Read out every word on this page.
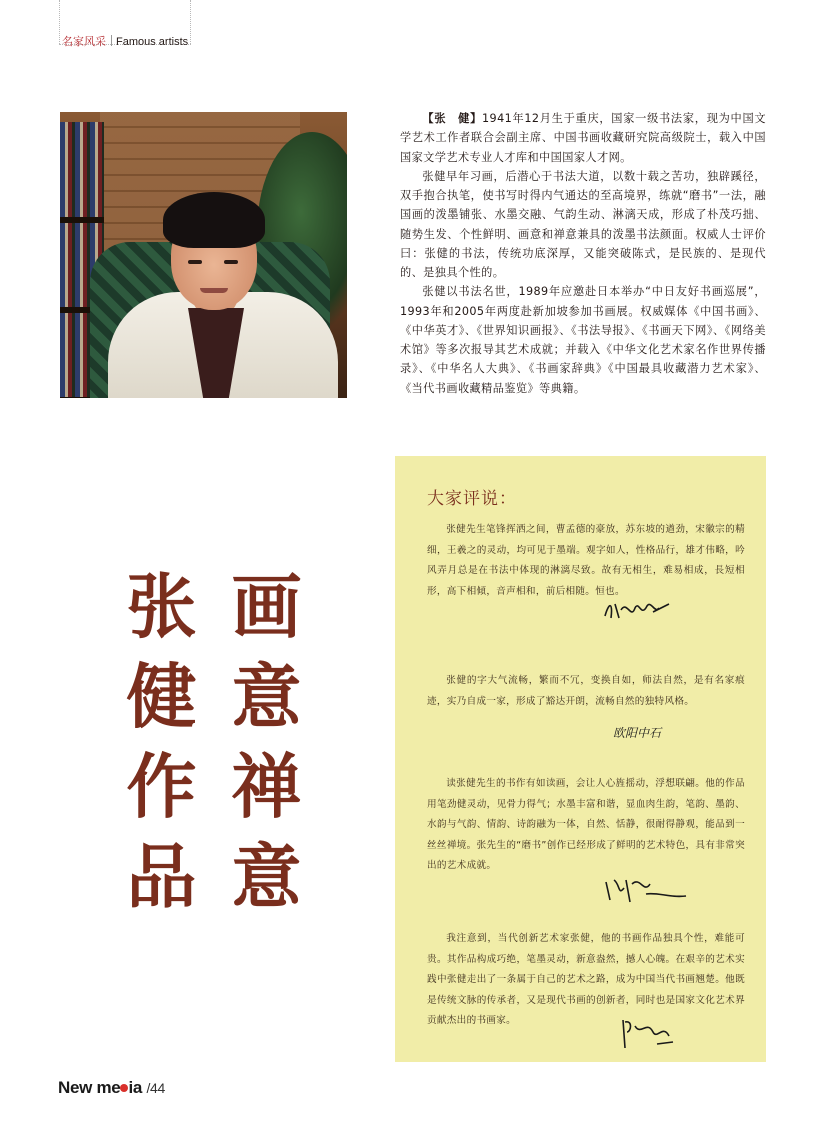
名家风采 Famous artists

【张　健】1941年12月生于重庆，国家一级书法家，现为中国文学艺术工作者联合会副主席、中国书画收藏研究院高级院士，载入中国国家文学艺术专业人才库和中国国家人才网。

张健早年习画，后潜心于书法大道，以数十载之苦功，独辟蹊径，双手抱合执笔，使书写时得内气通达的至高境界，练就“磨书”一法，融国画的泼墨铺张、水墨交融、气韵生动、淋漓天成，形成了朴茂巧拙、随势生发、个性鲜明、画意和禅意兼具的泼墨书法颜面。权威人士评价曰：张健的书法，传统功底深厚，又能突破陈式，是民族的、是现代的、是独具个性的。

张健以书法名世，1989年应邀赴日本举办“中日友好书画巡展”，1993年和2005年两度赴新加坡参加书画展。权威媒体《中国书画》、《中华英才》、《世界知识画报》、《书法导报》、《书画天下网》、《网络美术馆》等多次报导其艺术成就；并载入《中华文化艺术家名作世界传播录》、《中华名人大典》、《书画家辞典》《中国最具收藏潜力艺术家》、《当代书画收藏精品鉴览》等典籍。

张
健
作
品
画
意
禅
意
大家评说：

张健先生笔锋挥洒之间，曹孟德的豪放，苏东坡的遒劲，宋徽宗的精细，王羲之的灵动，均可见于墨端。观字如人，性格品行，雄才伟略，吟风弄月总是在书法中体现的淋漓尽致。故有无相生，难易相成，長短相形，高下相傾，音声相和，前后相随。恒也。

张健的字大气流畅，繁而不冗，变换自如，师法自然，是有名家痕迹，实乃自成一家，形成了豁达开朗，流畅自然的独特风格。

欧阳中石

读张健先生的书作有如读画，会让人心旌摇动，浮想联翩。他的作品用笔劲健灵动，见骨力得气；水墨丰富和谐，显血肉生韵，笔韵、墨韵、水韵与气韵、情韵、诗韵融为一体，自然、恬静，很耐得静观，能品到一丝丝禅境。张先生的“磨书”创作已经形成了鲜明的艺术特色，具有非常突出的艺术成就。

我注意到，当代创新艺术家张健，他的书画作品独具个性，难能可贵。其作品构成巧绝，笔墨灵动，新意盎然，撼人心魄。在艰辛的艺术实践中张健走出了一条属于自己的艺术之路，成为中国当代书画翘楚。他既是传统文脉的传承者，又是现代书画的创新者，同时也是国家文化艺术界贡献杰出的书画家。

New me ia /44
